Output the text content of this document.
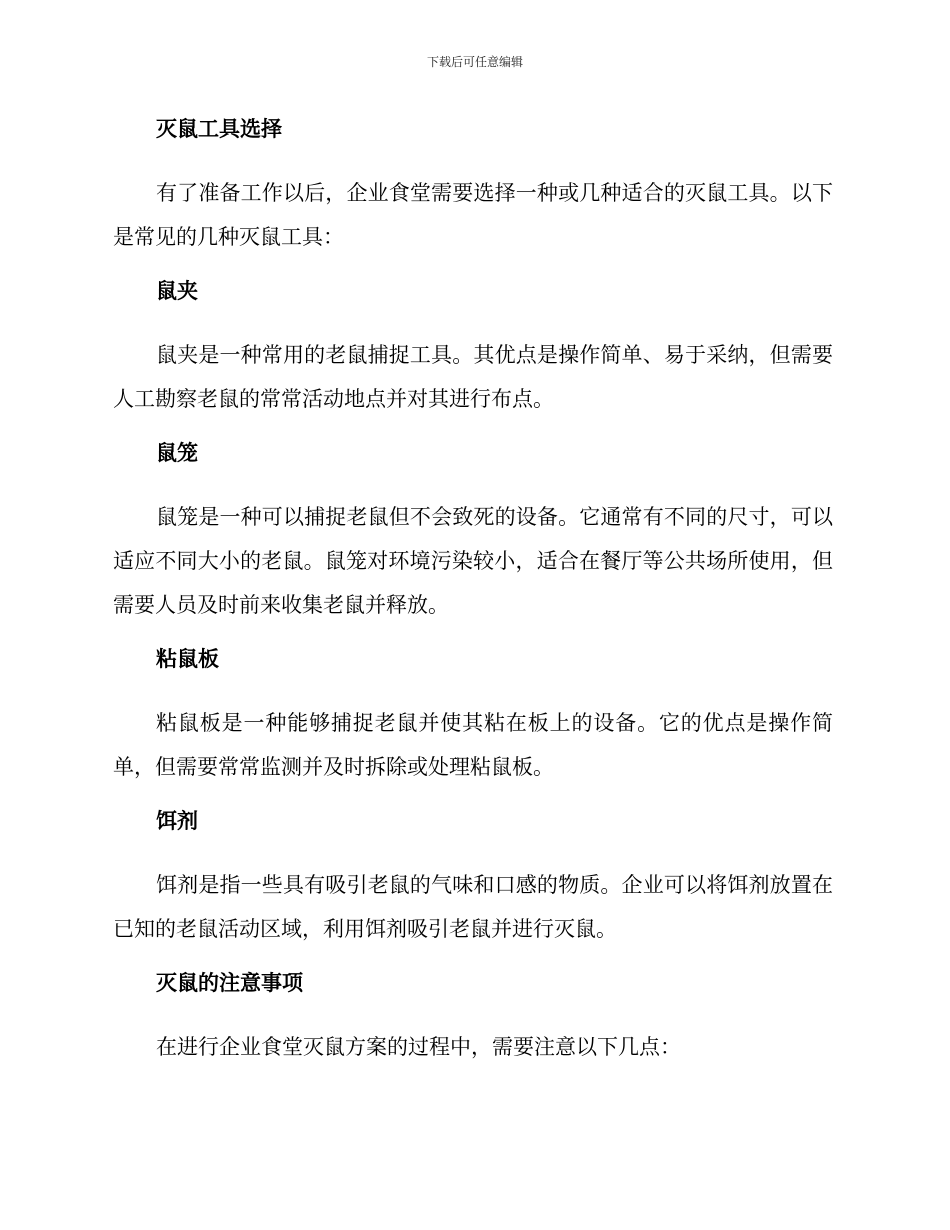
下载后可任意编辑
灭鼠工具选择

有了准备工作以后，企业食堂需要选择一种或几种适合的灭鼠工具。以下是常见的几种灭鼠工具：

鼠夹

鼠夹是一种常用的老鼠捕捉工具。其优点是操作简单、易于采纳，但需要人工勘察老鼠的常常活动地点并对其进行布点。

鼠笼

鼠笼是一种可以捕捉老鼠但不会致死的设备。它通常有不同的尺寸，可以适应不同大小的老鼠。鼠笼对环境污染较小，适合在餐厅等公共场所使用，但需要人员及时前来收集老鼠并释放。

粘鼠板

粘鼠板是一种能够捕捉老鼠并使其粘在板上的设备。它的优点是操作简单，但需要常常监测并及时拆除或处理粘鼠板。

饵剂

饵剂是指一些具有吸引老鼠的气味和口感的物质。企业可以将饵剂放置在已知的老鼠活动区域，利用饵剂吸引老鼠并进行灭鼠。

灭鼠的注意事项

在进行企业食堂灭鼠方案的过程中，需要注意以下几点：
